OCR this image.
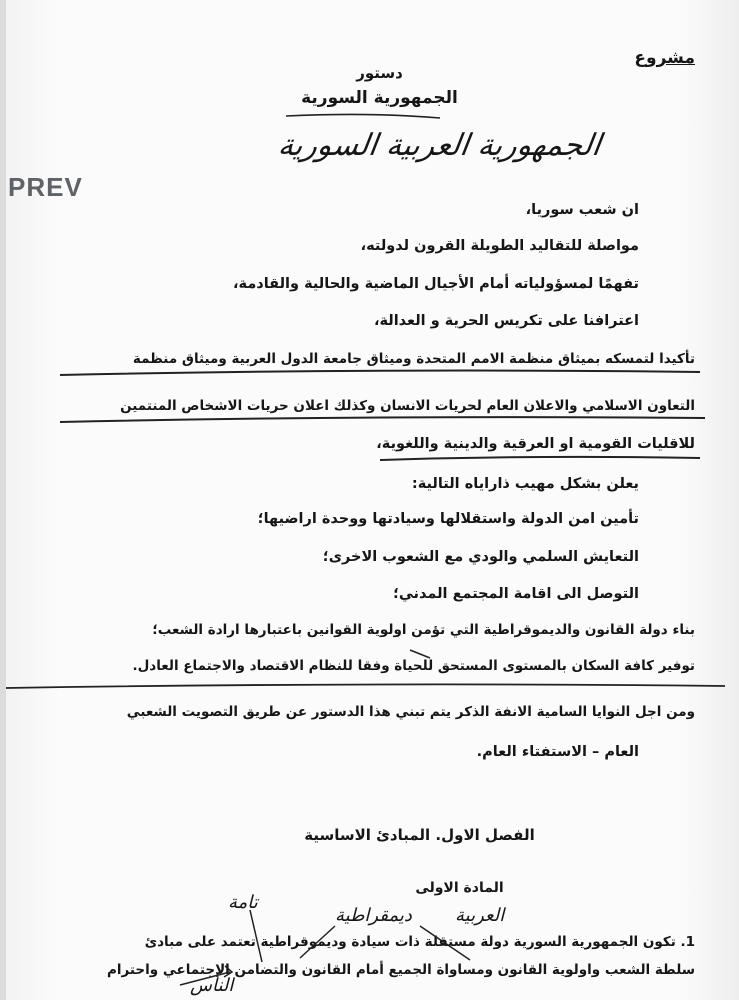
مشروع
دستور
الجمهورية السورية
الجمهورية العربية السورية
PREV
ان شعب سوريا،
مواصلة للتقاليد الطويلة القرون لدولته،
تفهمًا لمسؤولياته أمام الأجيال الماضية والحالية والقادمة،
اعترافنا على تكريس الحرية و العدالة،
تأكيدا لتمسكه بميثاق منظمة الامم المتحدة وميثاق جامعة الدول العربية وميثاق منظمة
التعاون الاسلامي والاعلان العام لحريات الانسان وكذلك اعلان حريات الاشخاص المنتمين
للاقليات القومية او العرقية والدينية واللغوية،
يعلن بشكل مهيب ذاراياه التالية:
تأمين امن الدولة واستقلالها وسيادتها ووحدة اراضيها؛
التعايش السلمي والودي مع الشعوب الاخرى؛
التوصل الى اقامة المجتمع المدني؛
بناء دولة القانون والديموقراطية التي تؤمن اولوية القوانين باعتبارها ارادة الشعب؛
توفير كافة السكان بالمستوى المستحق للحياة وفقا للنظام الاقتصاد والاجتماع العادل.
ومن اجل النوايا السامية الانفة الذكر يتم تبني هذا الدستور عن طريق التصويت الشعبي
العام – الاستفتاء العام.
الفصل الاول. المبادئ الاساسية
المادة الاولى
العربية
ديمقراطية
تامة
الناس
1. تكون الجمهورية السورية دولة مستقلة ذات سيادة وديموقراطية تعتمد على مبادئ
سلطة الشعب واولوية القانون ومساواة الجميع أمام القانون والتضامن الإجتماعي واحترام
